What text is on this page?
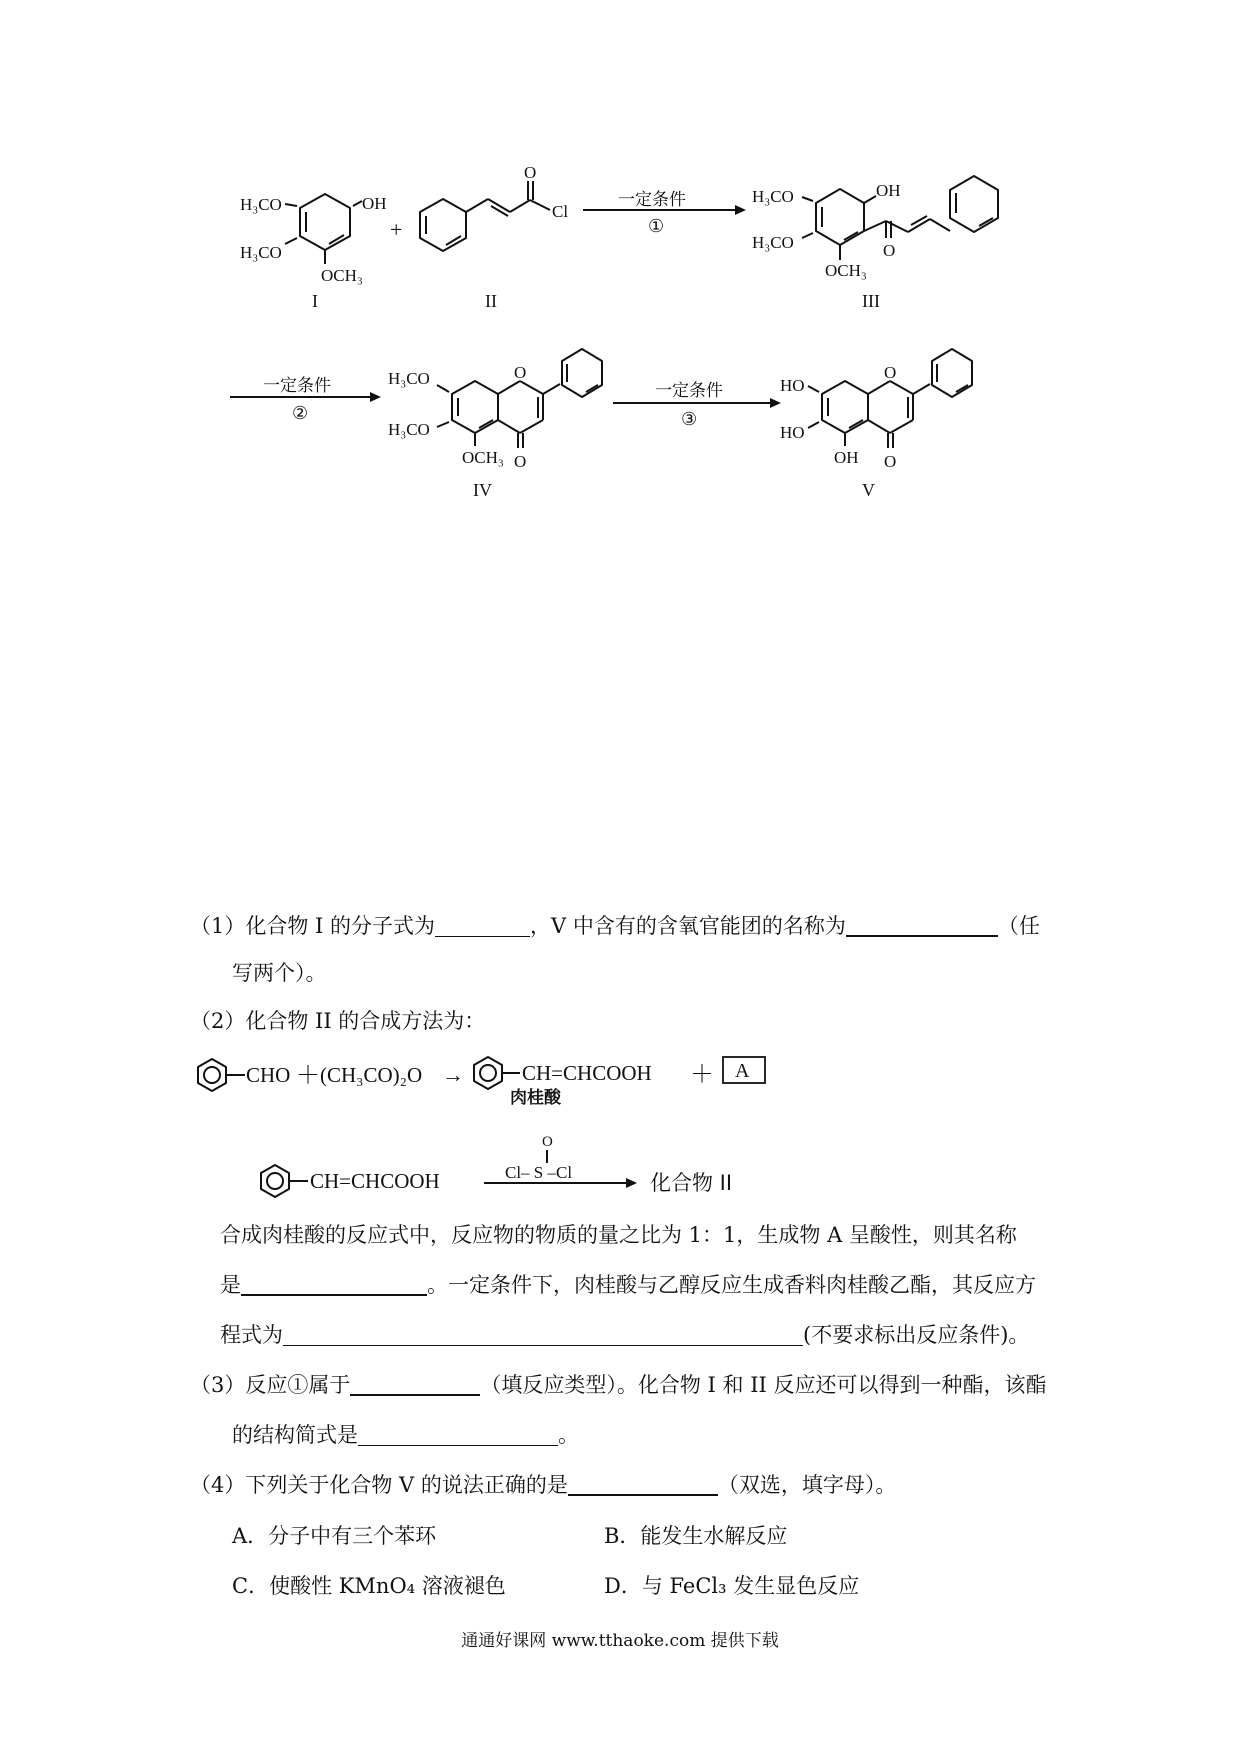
OH
H₃CO
H₃CO
OCH₃
I
+
O
Cl
II
一定条件
①
OH
H₃CO
H₃CO
OCH₃
O
III
一定条件
②
O
O
H₃CO
H₃CO
OCH₃
IV
一定条件
③
O
O
HO
HO
OH
V
CHO ＋ (CH₃CO)₂O →	CH=CHCOOH ＋ A
肉桂酸
CH=CHCOOH
O
Cl– S –Cl	化合物 II
（1）化合物 I 的分子式为	，V 中含有的含氧官能团的名称为	（任
写两个）。
（2）化合物 II 的合成方法为：
合成肉桂酸的反应式中，反应物的物质的量之比为 1：1，生成物 A 呈酸性，则其名称
是	。一定条件下，肉桂酸与乙醇反应生成香料肉桂酸乙酯，其反应方
程式为	(不要求标出反应条件)。
（3）反应①属于	（填反应类型）。化合物 I 和 II 反应还可以得到一种酯，该酯
的结构简式是	。
（4）下列关于化合物 V 的说法正确的是	（双选，填字母）。
A．分子中有三个苯环	B．能发生水解反应
C．使酸性 KMnO₄ 溶液褪色	D．与 FeCl₃ 发生显色反应
通通好课网 www.tthaoke.com 提供下载
